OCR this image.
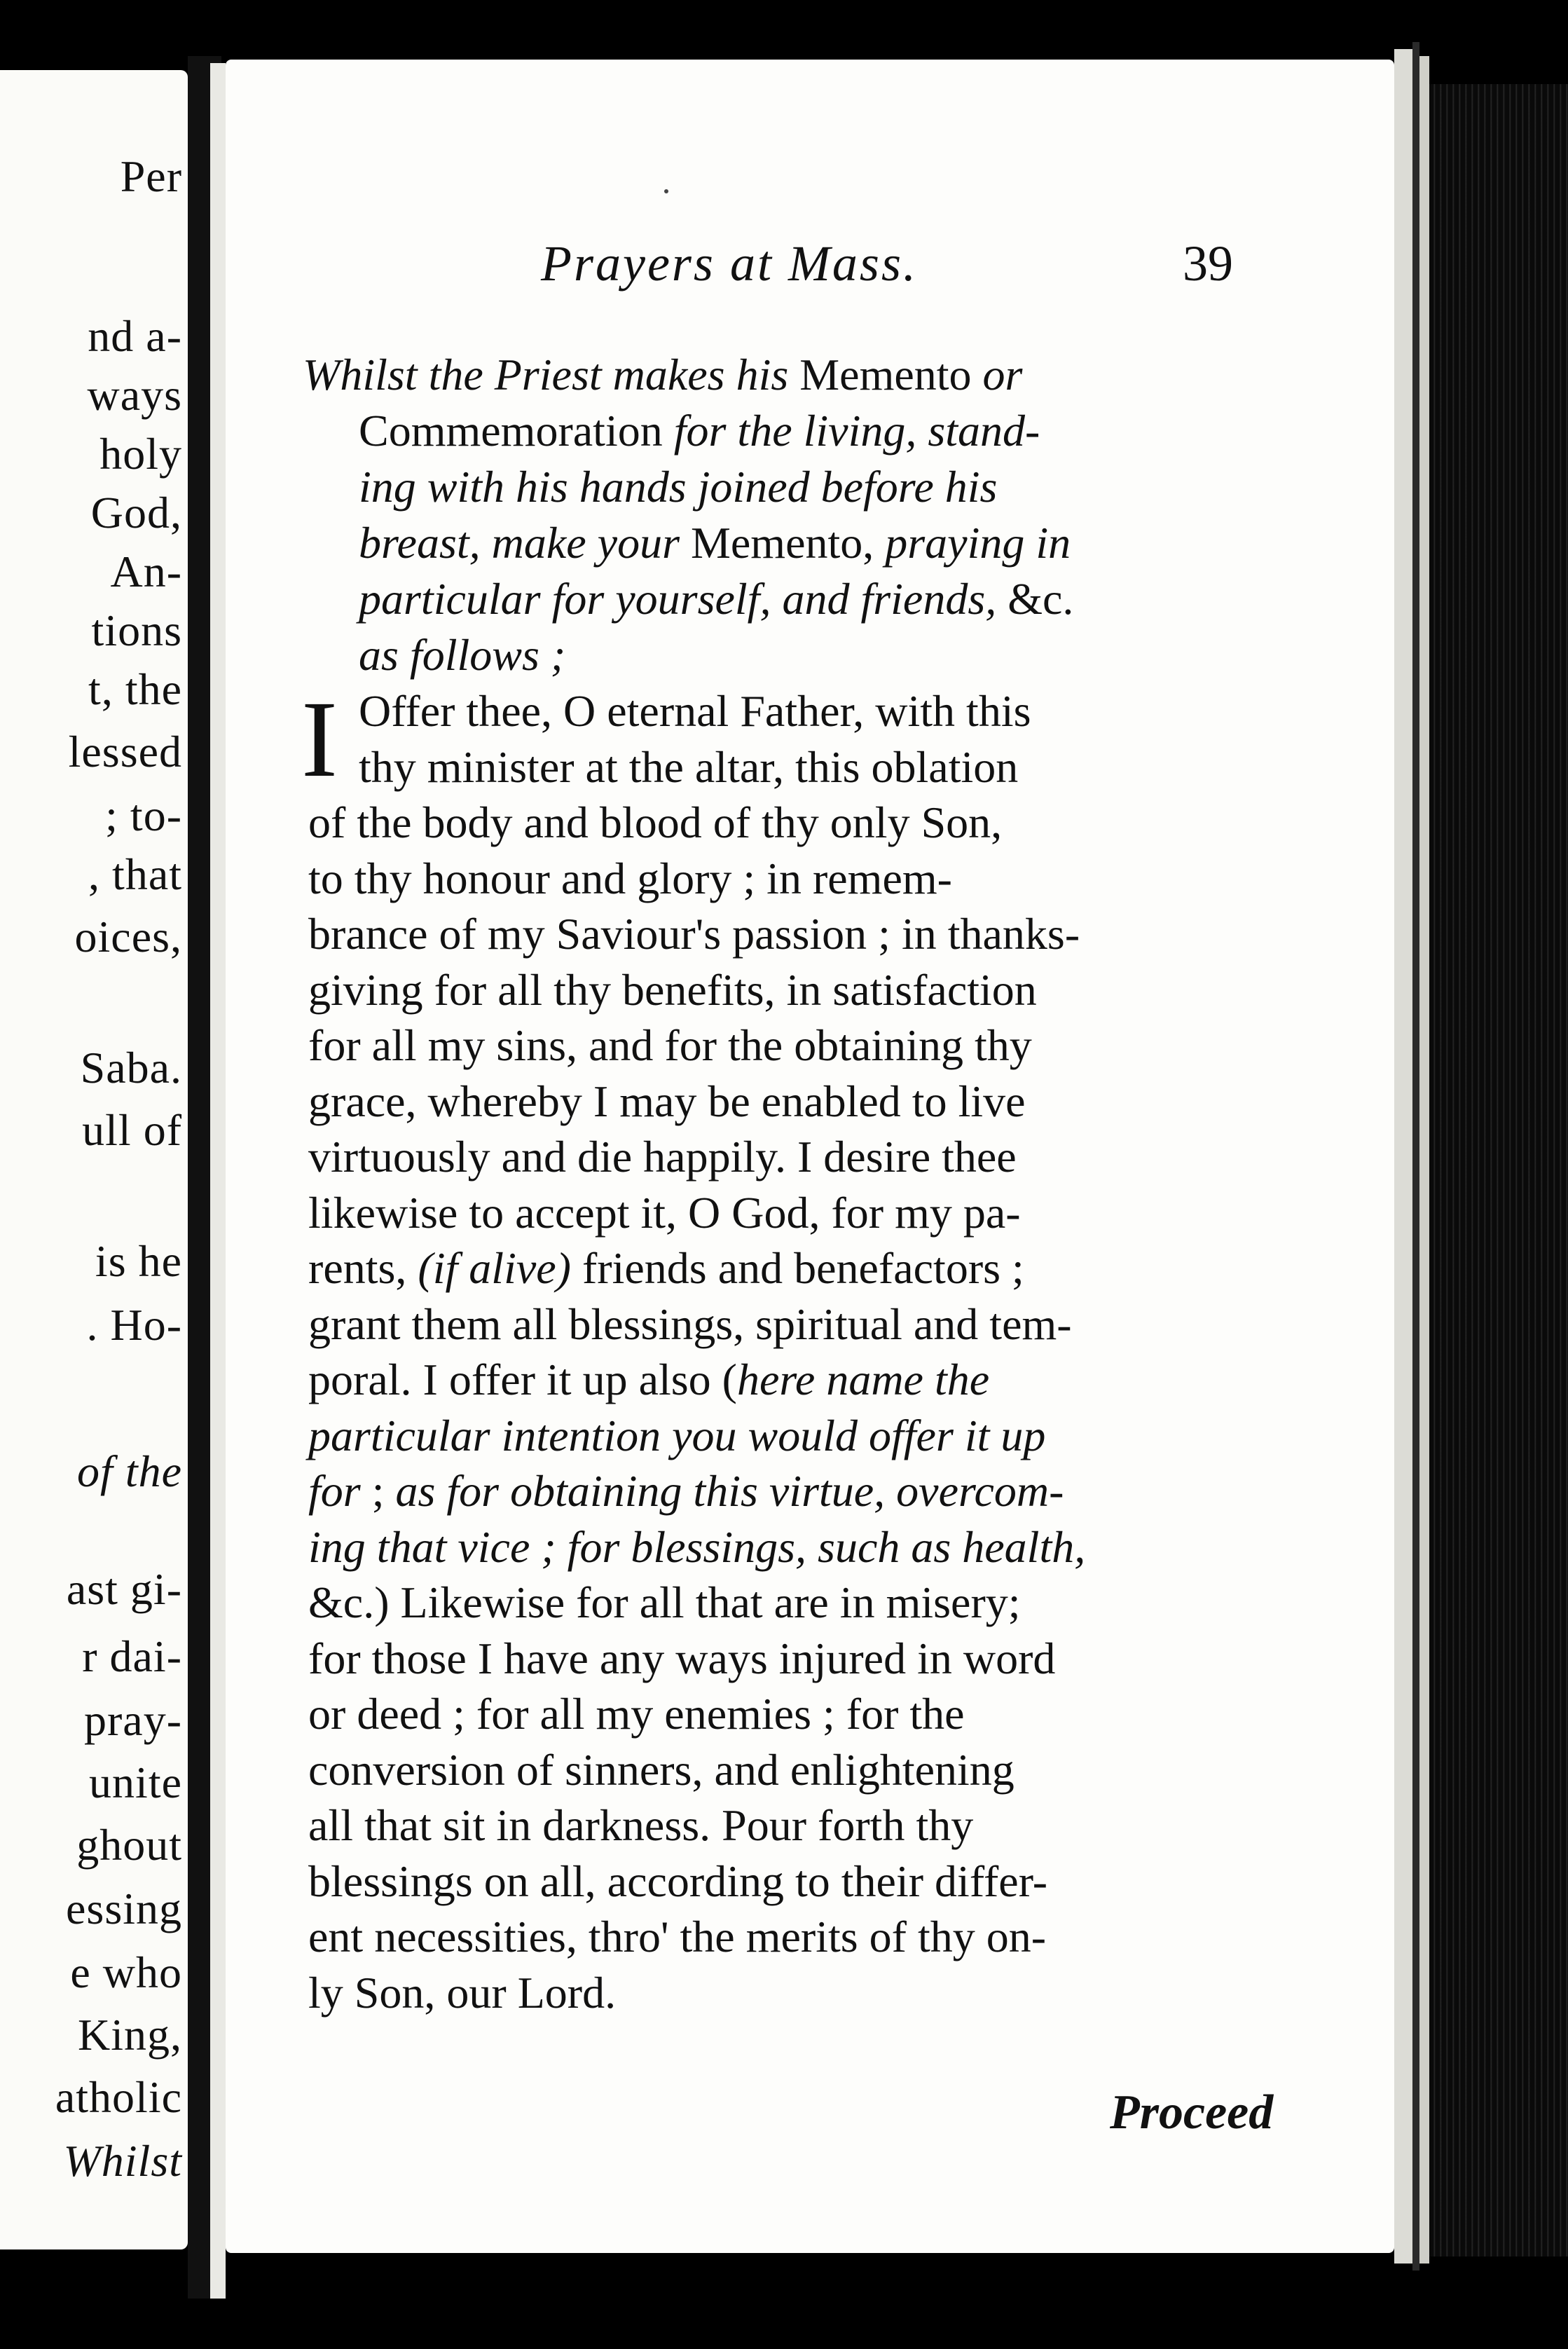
Per
nd a-
ways
holy
God,
An-
tions
t, the
lessed
; to-
, that
oices,
Saba.
ull of
is he
. Ho-
of the
ast gi-
r dai-
pray-
unite
ghout
essing
e who
King,
atholic
Whilst
Prayers at Mass.	39
Whilst the Priest makes his Memento or
Commemoration for the living, stand-
ing with his hands joined before his
breast, make your Memento, praying in
particular for yourself, and friends, &c.
as follows ;
I Offer thee, O eternal Father, with this
thy minister at the altar, this oblation
of the body and blood of thy only Son,
to thy honour and glory ; in remem-
brance of my Saviour's passion ; in thanks-
giving for all thy benefits, in satisfaction
for all my sins, and for the obtaining thy
grace, whereby I may be enabled to live
virtuously and die happily. I desire thee
likewise to accept it, O God, for my pa-
rents, (if alive) friends and benefactors ;
grant them all blessings, spiritual and tem-
poral. I offer it up also (here name the
particular intention you would offer it up
for ; as for obtaining this virtue, overcom-
ing that vice ; for blessings, such as health,
&c.) Likewise for all that are in misery;
for those I have any ways injured in word
or deed ; for all my enemies ; for the
conversion of sinners, and enlightening
all that sit in darkness. Pour forth thy
blessings on all, according to their differ-
ent necessities, thro' the merits of thy on-
ly Son, our Lord.
Proceed
